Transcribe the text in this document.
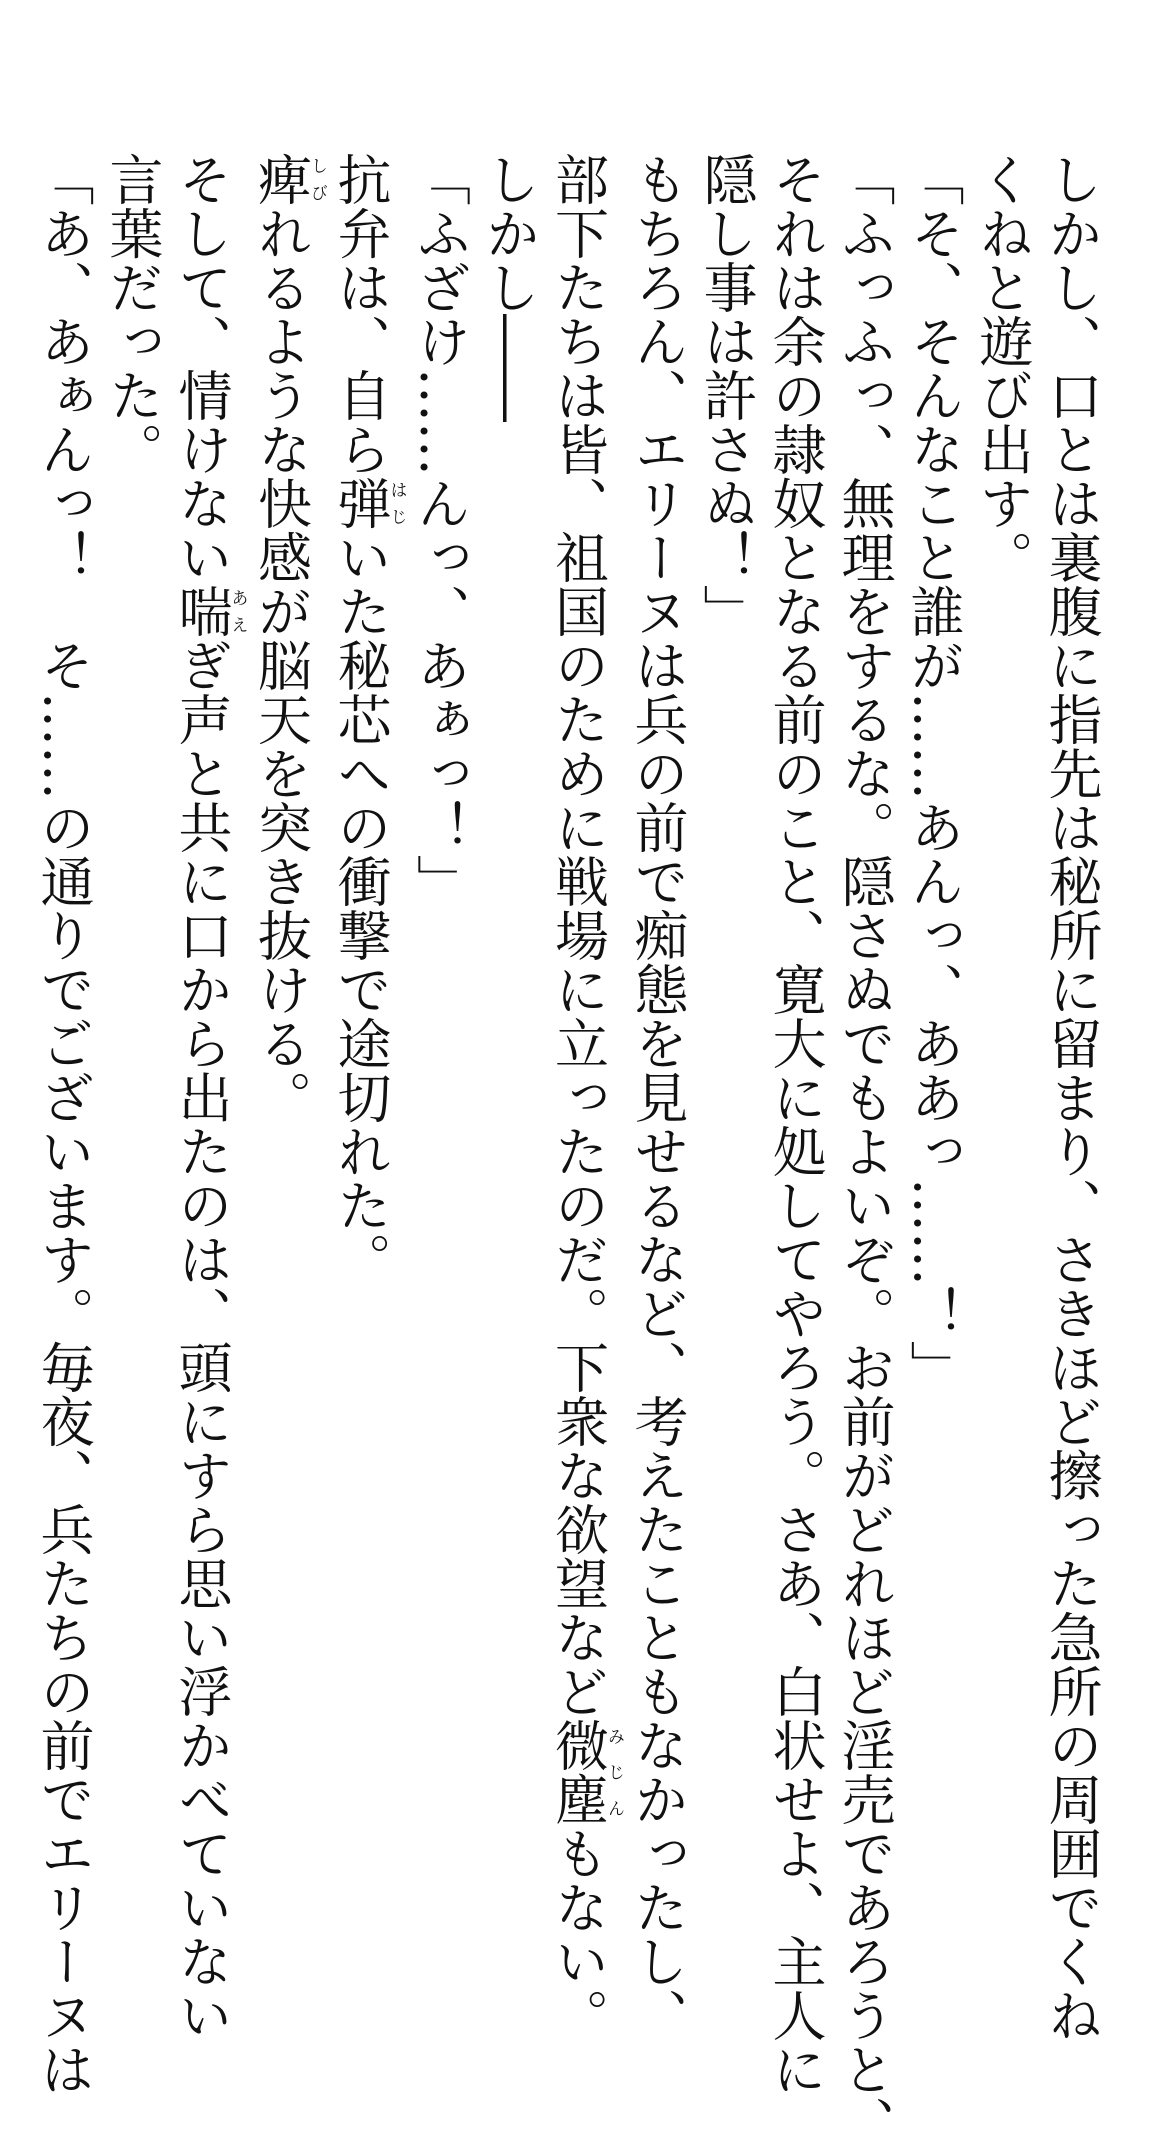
しかし、口とは裏腹に指先は秘所に留まり、さきほど擦った急所の周囲でくね
くねと遊び出す。
「そ、そんなこと誰が……あんっ、ああっ……！」
「ふっふっ、無理をするな。隠さぬでもよいぞ。お前がどれほど淫売であろうと、
それは余の隷奴となる前のこと、寛大に処してやろう。さあ、白状せよ、主人に
隠し事は許さぬ！」
もちろん、エリーヌは兵の前で痴態を見せるなど、考えたこともなかったし、
部下たちは皆、祖国のために戦場に立ったのだ。下衆な欲望など微塵みじんもない。
しかし――
「ふざけ……んっ、あぁっ！」
抗弁は、自ら弾はじいた秘芯への衝撃で途切れた。
痺しびれるような快感が脳天を突き抜ける。
そして、情けない喘あえぎ声と共に口から出たのは、頭にすら思い浮かべていない
言葉だった。
「あ、あぁんっ！　そ……の通りでございます。毎夜、兵たちの前でエリーヌは
